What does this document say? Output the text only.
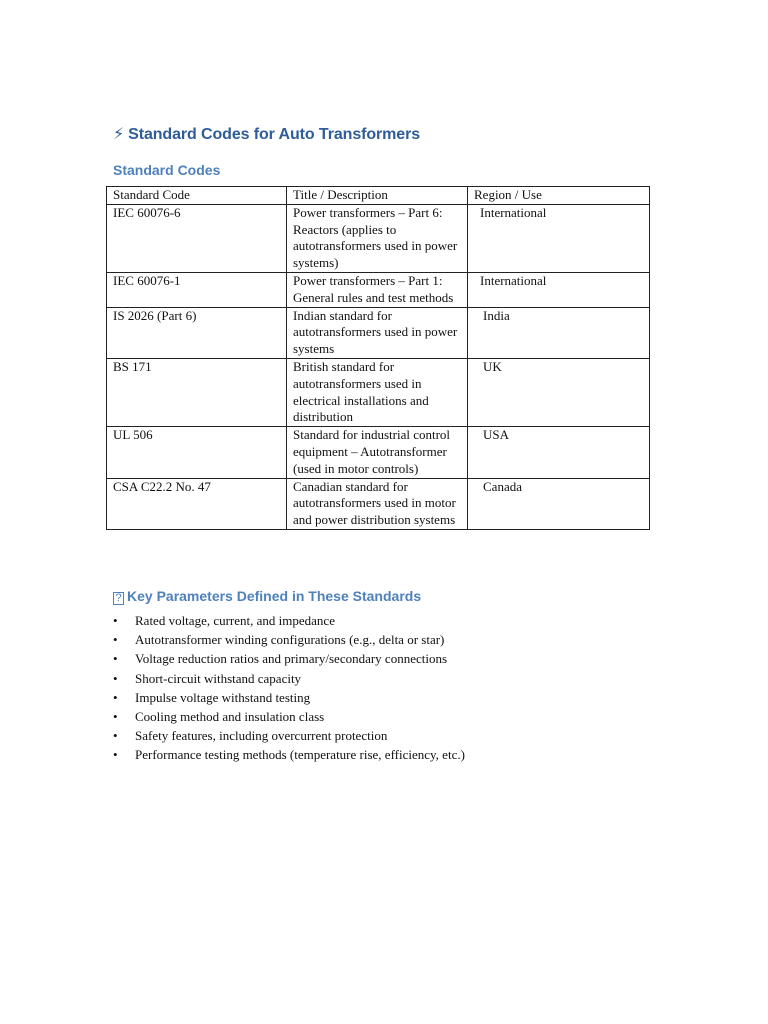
⚡ Standard Codes for Auto Transformers
Standard Codes
Standard Code	Title / Description	Region / Use
IEC 60076-6	Power transformers – Part 6: Reactors (applies to autotransformers used in power systems)	International

IEC 60076-1	Power transformers – Part 1: General rules and test methods	International

IS 2026 (Part 6)	Indian standard for autotransformers used in power systems	India

BS 171	British standard for autotransformers used in electrical installations and distribution	UK

UL 506	Standard for industrial control equipment – Autotransformer (used in motor controls)	USA

CSA C22.2 No. 47	Canadian standard for autotransformers used in motor and power distribution systems	Canada
? Key Parameters Defined in These Standards
• Rated voltage, current, and impedance
• Autotransformer winding configurations (e.g., delta or star)
• Voltage reduction ratios and primary/secondary connections
• Short-circuit withstand capacity
• Impulse voltage withstand testing
• Cooling method and insulation class
• Safety features, including overcurrent protection
• Performance testing methods (temperature rise, efficiency, etc.)
